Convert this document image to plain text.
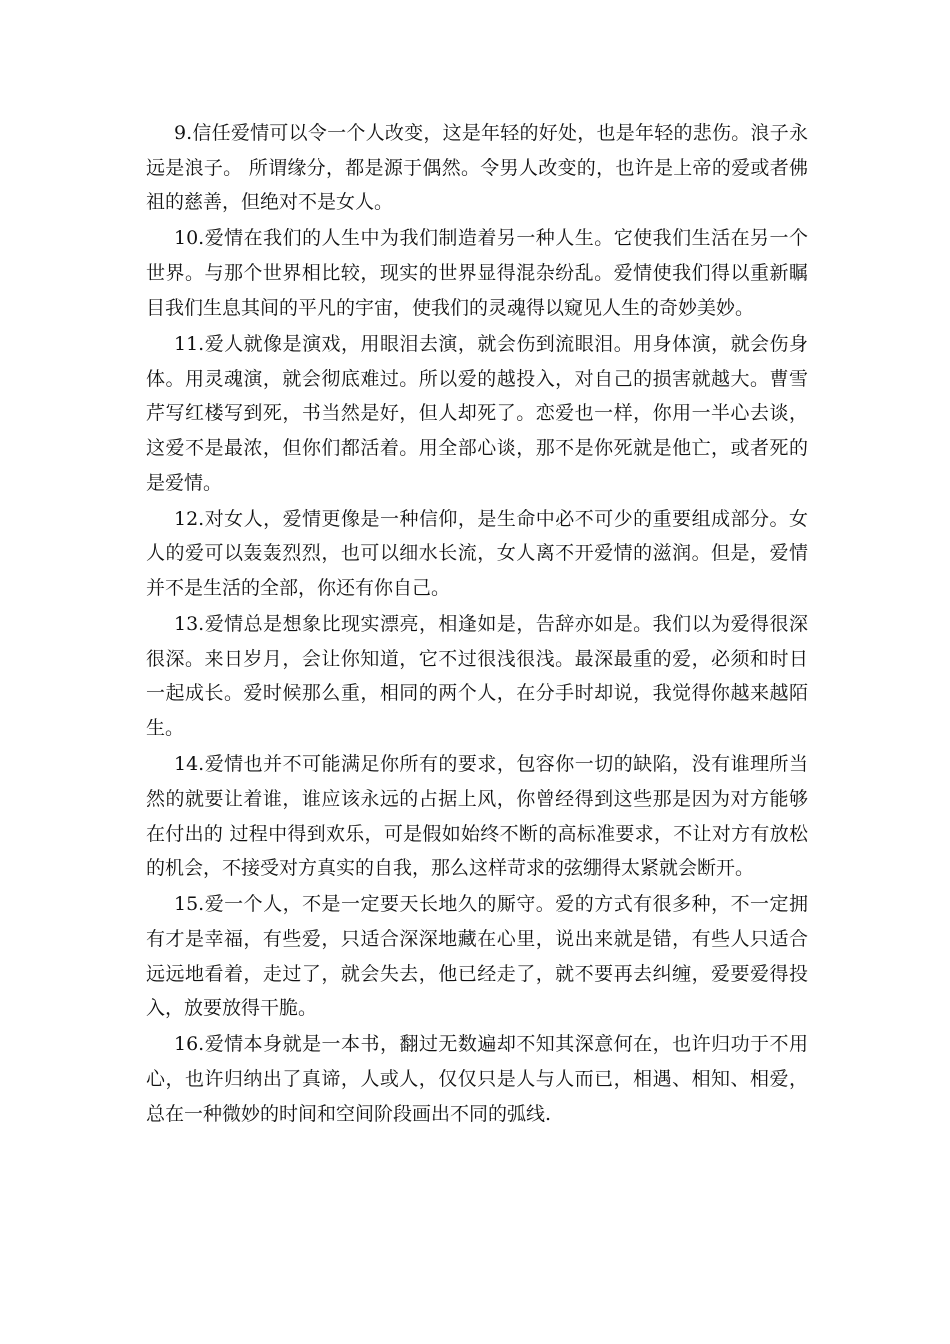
9.信任爱情可以令一个人改变，这是年轻的好处，也是年轻的悲伤。浪子永远是浪子。 所谓缘分，都是源于偶然。令男人改变的，也许是上帝的爱或者佛祖的慈善，但绝对不是女人。

10.爱情在我们的人生中为我们制造着另一种人生。它使我们生活在另一个世界。与那个世界相比较，现实的世界显得混杂纷乱。爱情使我们得以重新瞩目我们生息其间的平凡的宇宙，使我们的灵魂得以窥见人生的奇妙美妙。

11.爱人就像是演戏，用眼泪去演，就会伤到流眼泪。用身体演，就会伤身体。用灵魂演，就会彻底难过。所以爱的越投入，对自己的损害就越大。曹雪芹写红楼写到死，书当然是好，但人却死了。恋爱也一样，你用一半心去谈，这爱不是最浓，但你们都活着。用全部心谈，那不是你死就是他亡，或者死的是爱情。

12.对女人，爱情更像是一种信仰，是生命中必不可少的重要组成部分。女人的爱可以轰轰烈烈，也可以细水长流，女人离不开爱情的滋润。但是，爱情并不是生活的全部，你还有你自己。

13.爱情总是想象比现实漂亮，相逢如是，告辞亦如是。我们以为爱得很深很深。来日岁月，会让你知道，它不过很浅很浅。最深最重的爱，必须和时日一起成长。爱时候那么重，相同的两个人，在分手时却说，我觉得你越来越陌生。

14.爱情也并不可能满足你所有的要求，包容你一切的缺陷，没有谁理所当然的就要让着谁，谁应该永远的占据上风，你曾经得到这些那是因为对方能够在付出的 过程中得到欢乐，可是假如始终不断的高标准要求，不让对方有放松的机会，不接受对方真实的自我，那么这样苛求的弦绷得太紧就会断开。

15.爱一个人，不是一定要天长地久的厮守。爱的方式有很多种，不一定拥有才是幸福，有些爱，只适合深深地藏在心里，说出来就是错，有些人只适合远远地看着，走过了，就会失去，他已经走了，就不要再去纠缠，爱要爱得投入，放要放得干脆。

16.爱情本身就是一本书，翻过无数遍却不知其深意何在，也许归功于不用心，也许归纳出了真谛，人或人，仅仅只是人与人而已，相遇、相知、相爱，总在一种微妙的时间和空间阶段画出不同的弧线.
